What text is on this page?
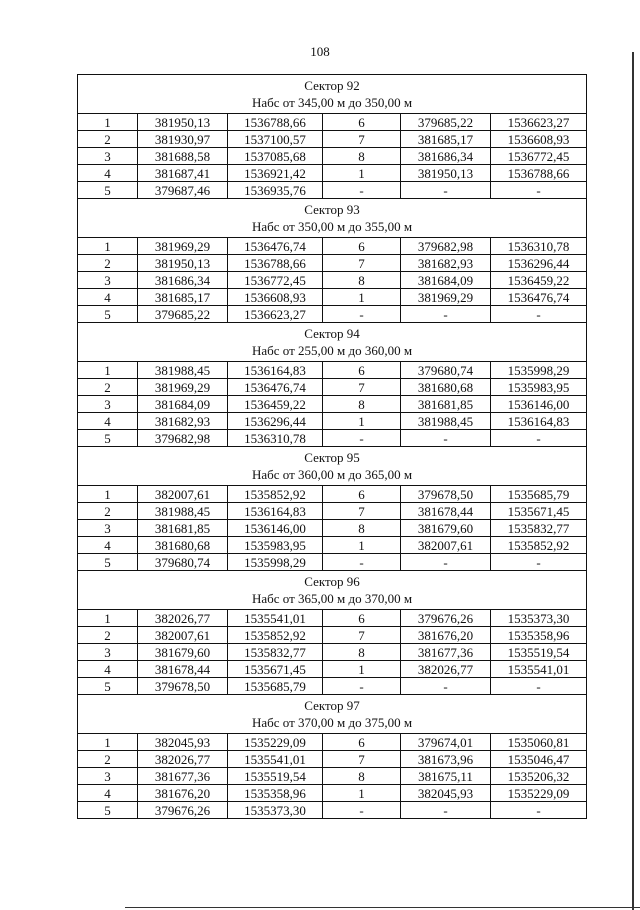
108
Сектор 92
Набс от 345,00 м до 350,00 м					

1	381950,13	1536788,66	6	379685,22	1536623,27
2	381930,97	1537100,57	7	381685,17	1536608,93
3	381688,58	1537085,68	8	381686,34	1536772,45
4	381687,41	1536921,42	1	381950,13	1536788,66
5	379687,46	1536935,76	-	-	-

Сектор 93
Набс от 350,00 м до 355,00 м					

1	381969,29	1536476,74	6	379682,98	1536310,78
2	381950,13	1536788,66	7	381682,93	1536296,44
3	381686,34	1536772,45	8	381684,09	1536459,22
4	381685,17	1536608,93	1	381969,29	1536476,74
5	379685,22	1536623,27	-	-	-

Сектор 94
Набс от 255,00 м до 360,00 м					

1	381988,45	1536164,83	6	379680,74	1535998,29
2	381969,29	1536476,74	7	381680,68	1535983,95
3	381684,09	1536459,22	8	381681,85	1536146,00
4	381682,93	1536296,44	1	381988,45	1536164,83
5	379682,98	1536310,78	-	-	-

Сектор 95
Набс от 360,00 м до 365,00 м					

1	382007,61	1535852,92	6	379678,50	1535685,79
2	381988,45	1536164,83	7	381678,44	1535671,45
3	381681,85	1536146,00	8	381679,60	1535832,77
4	381680,68	1535983,95	1	382007,61	1535852,92
5	379680,74	1535998,29	-	-	-

Сектор 96
Набс от 365,00 м до 370,00 м					

1	382026,77	1535541,01	6	379676,26	1535373,30
2	382007,61	1535852,92	7	381676,20	1535358,96
3	381679,60	1535832,77	8	381677,36	1535519,54
4	381678,44	1535671,45	1	382026,77	1535541,01
5	379678,50	1535685,79	-	-	-

Сектор 97
Набс от 370,00 м до 375,00 м					

1	382045,93	1535229,09	6	379674,01	1535060,81
2	382026,77	1535541,01	7	381673,96	1535046,47
3	381677,36	1535519,54	8	381675,11	1535206,32
4	381676,20	1535358,96	1	382045,93	1535229,09
5	379676,26	1535373,30	-	-	-
